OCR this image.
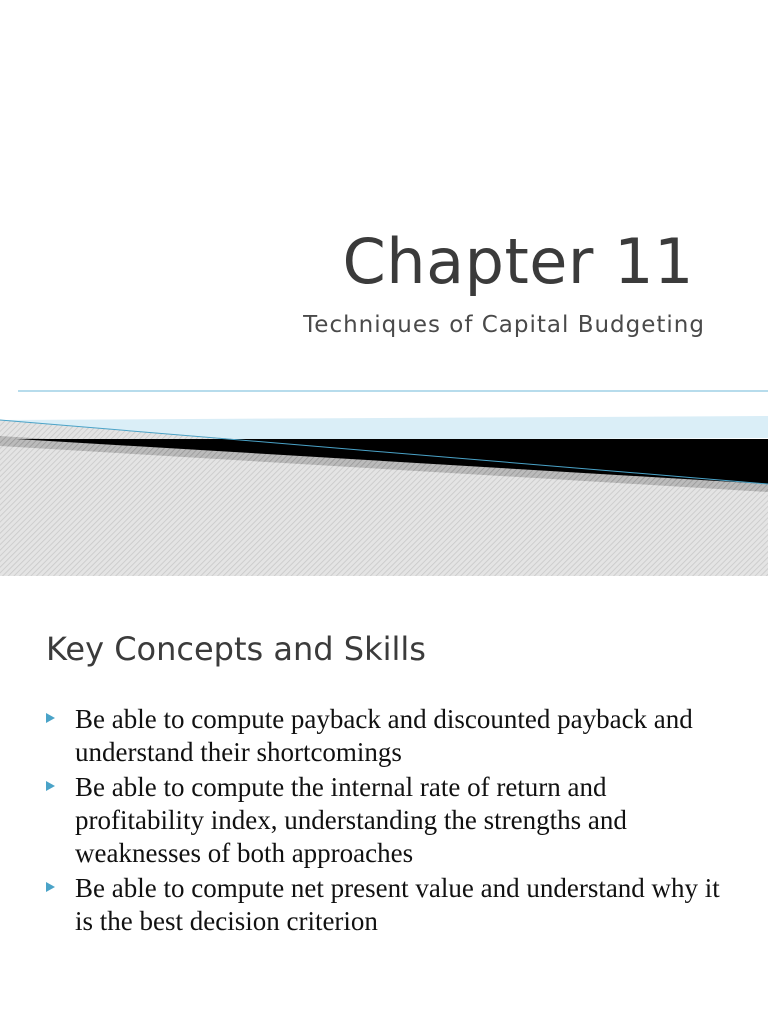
Chapter 11

Techniques of Capital Budgeting

Key Concepts and Skills
Be able to compute payback and discounted payback and understand their shortcomings
Be able to compute the internal rate of return and profitability index, understanding the strengths and weaknesses of both approaches
Be able to compute net present value and understand why it is the best decision criterion
